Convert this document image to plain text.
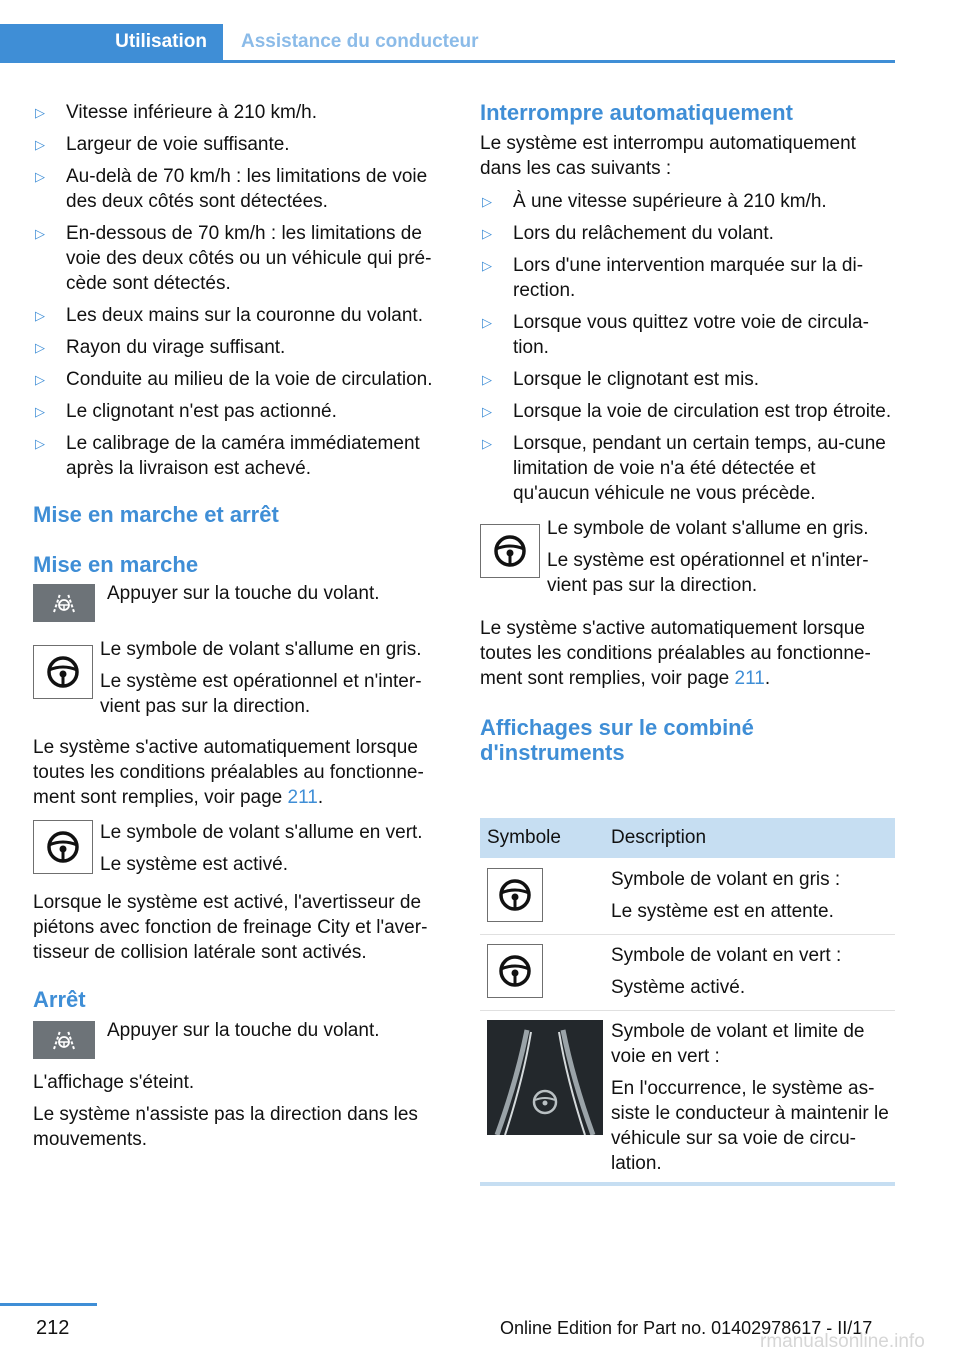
Utilisation	Assistance du conducteur
▷ Vitesse inférieure à 210 km/h.
▷ Largeur de voie suffisante.
▷ Au-delà de 70 km/h : les limitations de voie des deux côtés sont détectées.
▷ En-dessous de 70 km/h : les limitations de voie des deux côtés ou un véhicule qui pré-cède sont détectés.
▷ Les deux mains sur la couronne du volant.
▷ Rayon du virage suffisant.
▷ Conduite au milieu de la voie de circulation.
▷ Le clignotant n'est pas actionné.
▷ Le calibrage de la caméra immédiatement après la livraison est achevé.

Mise en marche et arrêt

Mise en marche

Appuyer sur la touche du volant.

Le symbole de volant s'allume en gris.

Le système est opérationnel et n'inter-vient pas sur la direction.

Le système s'active automatiquement lorsque toutes les conditions préalables au fonctionne-ment sont remplies, voir page 211.

Le symbole de volant s'allume en vert.

Le système est activé.

Lorsque le système est activé, l'avertisseur de piétons avec fonction de freinage City et l'aver-tisseur de collision latérale sont activés.

Arrêt

Appuyer sur la touche du volant.

L'affichage s'éteint.

Le système n'assiste pas la direction dans les mouvements.

Interrompre automatiquement

Le système est interrompu automatiquement dans les cas suivants :

▷ À une vitesse supérieure à 210 km/h.
▷ Lors du relâchement du volant.
▷ Lors d'une intervention marquée sur la di-rection.
▷ Lorsque vous quittez votre voie de circula-tion.
▷ Lorsque le clignotant est mis.
▷ Lorsque la voie de circulation est trop étroite.
▷ Lorsque, pendant un certain temps, au-cune limitation de voie n'a été détectée et qu'aucun véhicule ne vous précède.

Le symbole de volant s'allume en gris.

Le système est opérationnel et n'inter-vient pas sur la direction.

Le système s'active automatiquement lorsque toutes les conditions préalables au fonctionne-ment sont remplies, voir page 211.

Affichages sur le combiné d'instruments

Symbole	Description
Symbole de volant en gris :
Le système est en attente.
Symbole de volant en vert :
Système activé.
Symbole de volant et limite de voie en vert :
En l'occurrence, le système as-siste le conducteur à maintenir le véhicule sur sa voie de circu-lation.
212	Online Edition for Part no. 01402978617 - II/17
rmanualsonline.info
